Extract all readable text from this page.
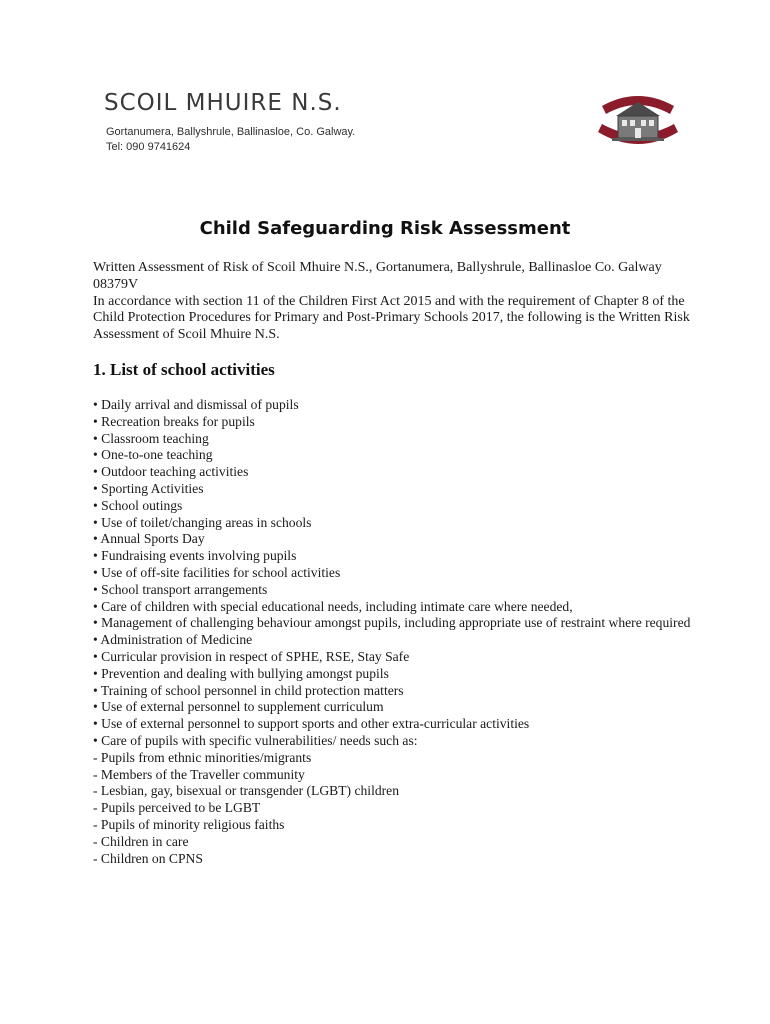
SCOIL MHUIRE N.S.
Gortanumera, Ballyshrule, Ballinasloe, Co. Galway.
Tel: 090 9741624
Child Safeguarding Risk Assessment

Written Assessment of Risk of Scoil Mhuire N.S., Gortanumera, Ballyshrule, Ballinasloe Co. Galway 08379V

In accordance with section 11 of the Children First Act 2015 and with the requirement of Chapter 8 of the Child Protection Procedures for Primary and Post-Primary Schools 2017, the following is the Written Risk Assessment of Scoil Mhuire N.S.

1. List of school activities
• Daily arrival and dismissal of pupils
• Recreation breaks for pupils
• Classroom teaching
• One-to-one teaching
• Outdoor teaching activities
• Sporting Activities
• School outings
• Use of toilet/changing areas in schools
• Annual Sports Day
• Fundraising events involving pupils
• Use of off-site facilities for school activities
• School transport arrangements
• Care of children with special educational needs, including intimate care where needed,
• Management of challenging behaviour amongst pupils, including appropriate use of restraint where required
• Administration of Medicine
• Curricular provision in respect of SPHE, RSE, Stay Safe
• Prevention and dealing with bullying amongst pupils
• Training of school personnel in child protection matters
• Use of external personnel to supplement curriculum
• Use of external personnel to support sports and other extra-curricular activities
• Care of pupils with specific vulnerabilities/ needs such as:
- Pupils from ethnic minorities/migrants
- Members of the Traveller community
- Lesbian, gay, bisexual or transgender (LGBT) children
- Pupils perceived to be LGBT
- Pupils of minority religious faiths
- Children in care
- Children on CPNS
